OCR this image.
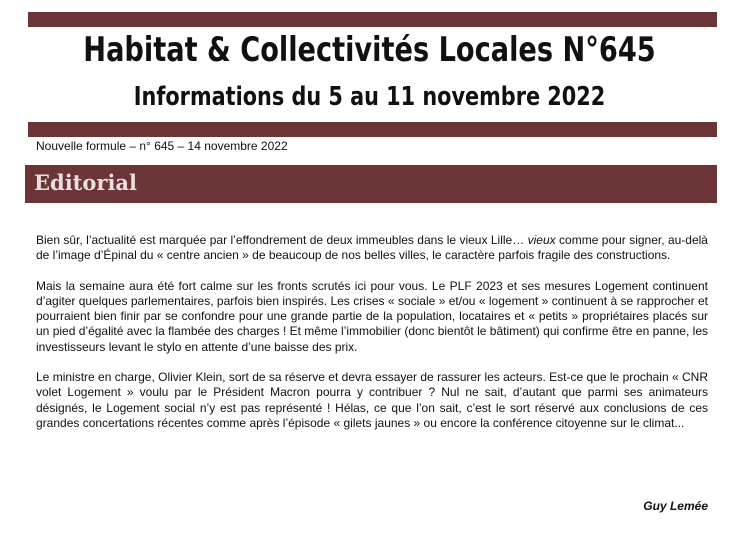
Habitat & Collectivités Locales N°645
Informations du 5 au 11 novembre 2022
Nouvelle formule – n° 645 – 14 novembre 2022
Editorial

Bien sûr, l’actualité est marquée par l’effondrement de deux immeubles dans le vieux Lille… vieux comme pour signer, au-delà de l’image d’Épinal du « centre ancien » de beaucoup de nos belles villes, le caractère parfois fragile des constructions.

Mais la semaine aura été fort calme sur les fronts scrutés ici pour vous. Le PLF 2023 et ses mesures Logement continuent d’agiter quelques parlementaires, parfois bien inspirés. Les crises « sociale » et/ou « logement » continuent à se rapprocher et pourraient bien finir par se confondre pour une grande partie de la population, locataires et « petits » propriétaires placés sur un pied d’égalité avec la flambée des charges ! Et même l’immobilier (donc bientôt le bâtiment) qui confirme être en panne, les investisseurs levant le stylo en attente d’une baisse des prix.

Le ministre en charge, Olivier Klein, sort de sa réserve et devra essayer de rassurer les acteurs. Est-ce que le prochain « CNR volet Logement » voulu par le Président Macron pourra y contribuer ? Nul ne sait, d’autant que parmi ses animateurs désignés, le Logement social n’y est pas représenté ! Hélas, ce que l’on sait, c’est le sort réservé aux conclusions de ces grandes concertations récentes comme après l’épisode « gilets jaunes » ou encore la conférence citoyenne sur le climat...

Guy Lemée
